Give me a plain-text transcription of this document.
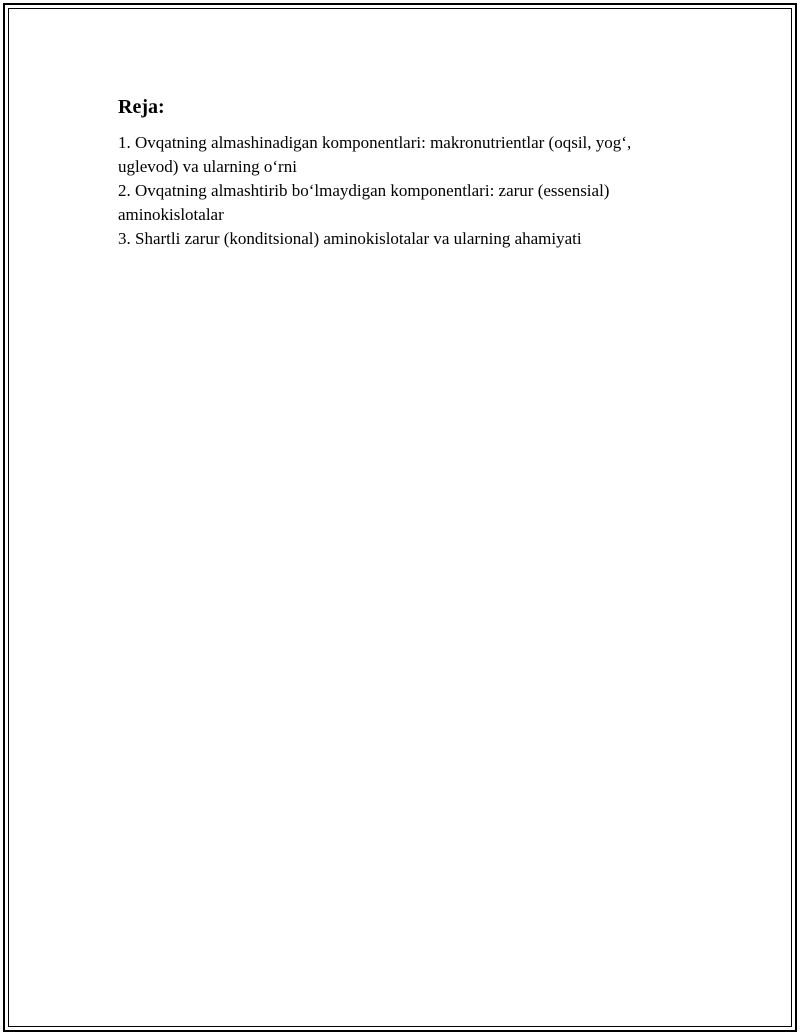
Reja:

1. Ovqatning almashinadigan komponentlari: makronutrientlar (oqsil, yog‘, uglevod) va ularning o‘rni

2. Ovqatning almashtirib bo‘lmaydigan komponentlari: zarur (essensial) aminokislotalar

3. Shartli zarur (konditsional) aminokislotalar va ularning ahamiyati
